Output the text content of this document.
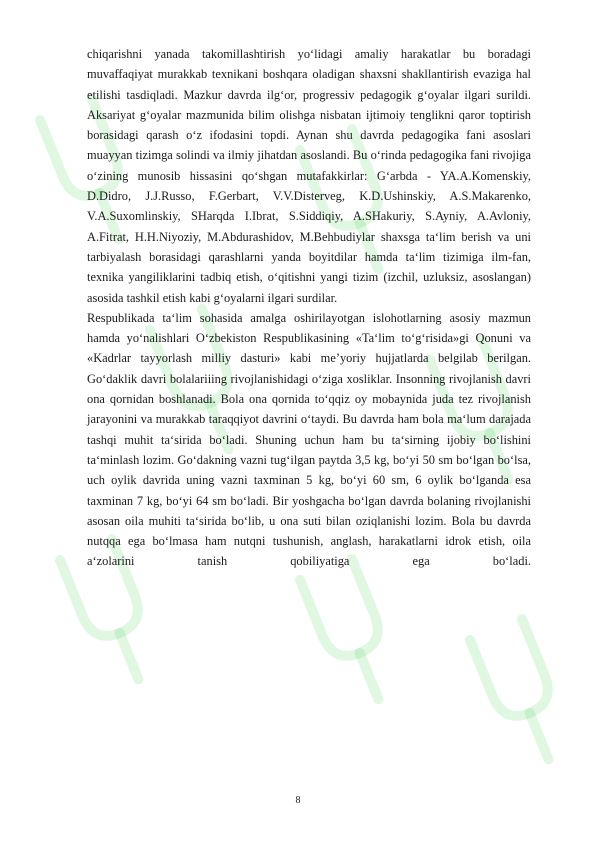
chiqarishni yanada takomillashtirish yo‘lidagi amaliy harakatlar bu boradagi muvaffaqiyat murakkab texnikani boshqara oladigan shaxsni shakllantirish evaziga hal etilishi tasdiqladi. Mazkur davrda ilg‘or, progressiv pedagogik g‘oyalar ilgari surildi. Aksariyat g‘oyalar mazmunida bilim olishga nisbatan ijtimoiy tenglikni qaror toptirish borasidagi qarash o‘z ifodasini topdi. Aynan shu davrda pedagogika fani asoslari muayyan tizimga solindi va ilmiy jihatdan asoslandi. Bu o‘rinda pedagogika fani rivojiga o‘zining munosib hissasini qo‘shgan mutafakkirlar: G‘arbda - YA.A.Komenskiy, D.Didro, J.J.Russo, F.Gerbart, V.V.Disterveg, K.D.Ushinskiy, A.S.Makarenko, V.A.Suxomlinskiy, SHarqda I.Ibrat, S.Siddiqiy, A.SHakuriy, S.Ayniy, A.Avloniy, A.Fitrat, H.H.Niyoziy, M.Abdurashidov, M.Behbudiylar shaxsga ta‘lim berish va uni tarbiyalash borasidagi qarashlarni yanda boyitdilar hamda ta‘lim tizimiga ilm-fan, texnika yangiliklarini tadbiq etish, o‘qitishni yangi tizim (izchil, uzluksiz, asoslangan) asosida tashkil etish kabi g‘oyalarni ilgari surdilar.

Respublikada ta‘lim sohasida amalga oshirilayotgan islohotlarning asosiy mazmun hamda yo‘nalishlari O‘zbekiston Respublikasining «Ta‘lim to‘g‘risida»gi Qonuni va «Kadrlar tayyorlash milliy dasturi» kabi me’yoriy hujjatlarda belgilab berilgan.

Go‘daklik davri bolalariiing rivojlanishidagi o‘ziga xosliklar. Insonning rivojlanish davri ona qornidan boshlanadi. Bola ona qornida to‘qqiz oy mobaynida juda tez rivojlanish jarayonini va murakkab taraqqiyot davrini o‘taydi. Bu davrda ham bola ma‘lum darajada tashqi muhit ta‘sirida bo‘ladi. Shuning uchun ham bu ta‘sirning ijobiy bo‘lishini ta‘minlash lozim. Go‘dakning vazni tug‘ilgan paytda 3,5 kg, bo‘yi 50 sm bo‘lgan bo‘lsa, uch oylik davrida uning vazni taxminan 5 kg, bo‘yi 60 sm, 6 oylik bo‘lganda esa taxminan 7 kg, bo‘yi 64 sm bo‘ladi. Bir yoshgacha bo‘lgan davrda bolaning rivojlanishi asosan oila muhiti ta‘sirida bo‘lib, u ona suti bilan oziqlanishi lozim. Bola bu davrda nutqqa ega bo‘lmasa ham nutqni tushunish, anglash, harakatlarni idrok etish, oila a‘zolarini tanish qobiliyatiga ega bo‘ladi.

8
